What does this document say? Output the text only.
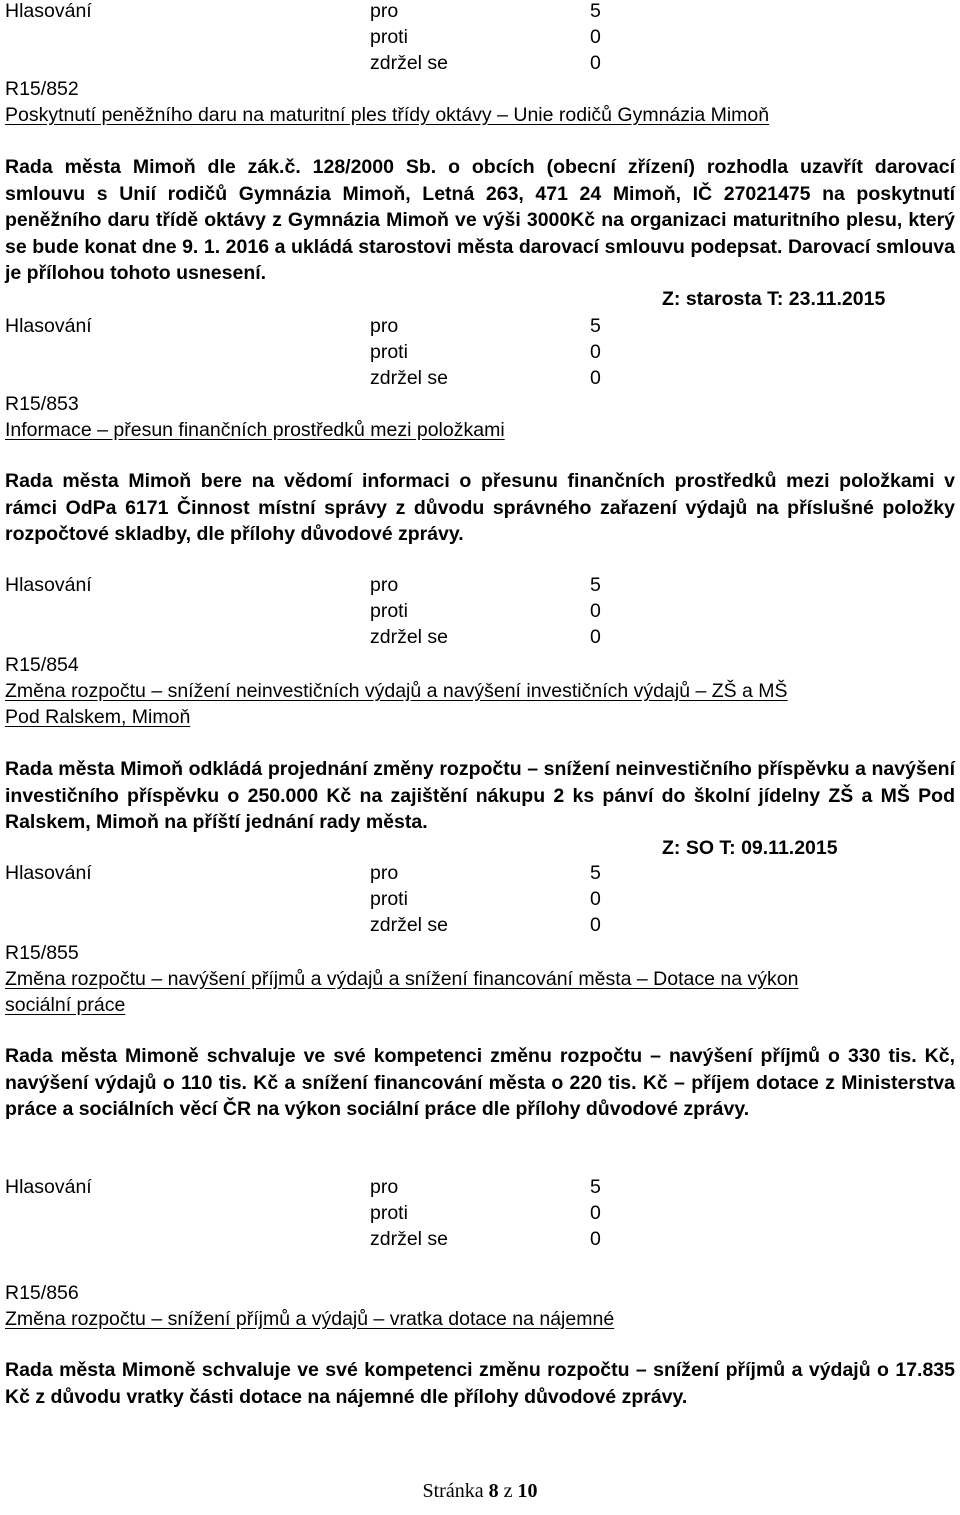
Hlasování	pro	5
proti	0
zdržel se	0
R15/852
Poskytnutí peněžního daru na maturitní ples třídy oktávy – Unie rodičů Gymnázia Mimoň

Rada města Mimoň dle zák.č. 128/2000 Sb. o obcích (obecní zřízení) rozhodla uzavřít darovací smlouvu s Unií rodičů Gymnázia Mimoň, Letná 263, 471 24 Mimoň, IČ 27021475 na poskytnutí peněžního daru třídě oktávy z Gymnázia Mimoň ve výši 3000Kč na organizaci maturitního plesu, který se bude konat dne 9. 1. 2016 a ukládá starostovi města darovací smlouvu podepsat. Darovací smlouva je přílohou tohoto usnesení.

Z: starosta T: 23.11.2015
Hlasování	pro	5
proti	0
zdržel se	0
R15/853
Informace – přesun finančních prostředků mezi položkami

Rada města Mimoň bere na vědomí informaci o přesunu finančních prostředků mezi položkami v rámci OdPa 6171 Činnost místní správy z důvodu správného zařazení výdajů na příslušné položky rozpočtové skladby, dle přílohy důvodové zprávy.

Hlasování	pro	5
proti	0
zdržel se	0
R15/854
Změna rozpočtu – snížení neinvestičních výdajů a navýšení investičních výdajů – ZŠ a MŠ
Pod Ralskem, Mimoň

Rada města Mimoň odkládá projednání změny rozpočtu – snížení neinvestičního příspěvku a navýšení investičního příspěvku o 250.000 Kč na zajištění nákupu 2 ks pánví do školní jídelny ZŠ a MŠ Pod Ralskem, Mimoň na příští jednání rady města.

Z: SO T: 09.11.2015
Hlasování	pro	5
proti	0
zdržel se	0
R15/855
Změna rozpočtu – navýšení příjmů a výdajů a snížení financování města – Dotace na výkon
sociální práce

Rada města Mimoně schvaluje ve své kompetenci změnu rozpočtu – navýšení příjmů o 330 tis. Kč, navýšení výdajů o 110 tis. Kč a snížení financování města o 220 tis. Kč – příjem dotace z Ministerstva práce a sociálních věcí ČR na výkon sociální práce dle přílohy důvodové zprávy.

Hlasování	pro	5
proti	0
zdržel se	0
R15/856
Změna rozpočtu – snížení příjmů a výdajů – vratka dotace na nájemné

Rada města Mimoně schvaluje ve své kompetenci změnu rozpočtu – snížení příjmů a výdajů o 17.835 Kč z důvodu vratky části dotace na nájemné dle přílohy důvodové zprávy.

Stránka 8 z 10
